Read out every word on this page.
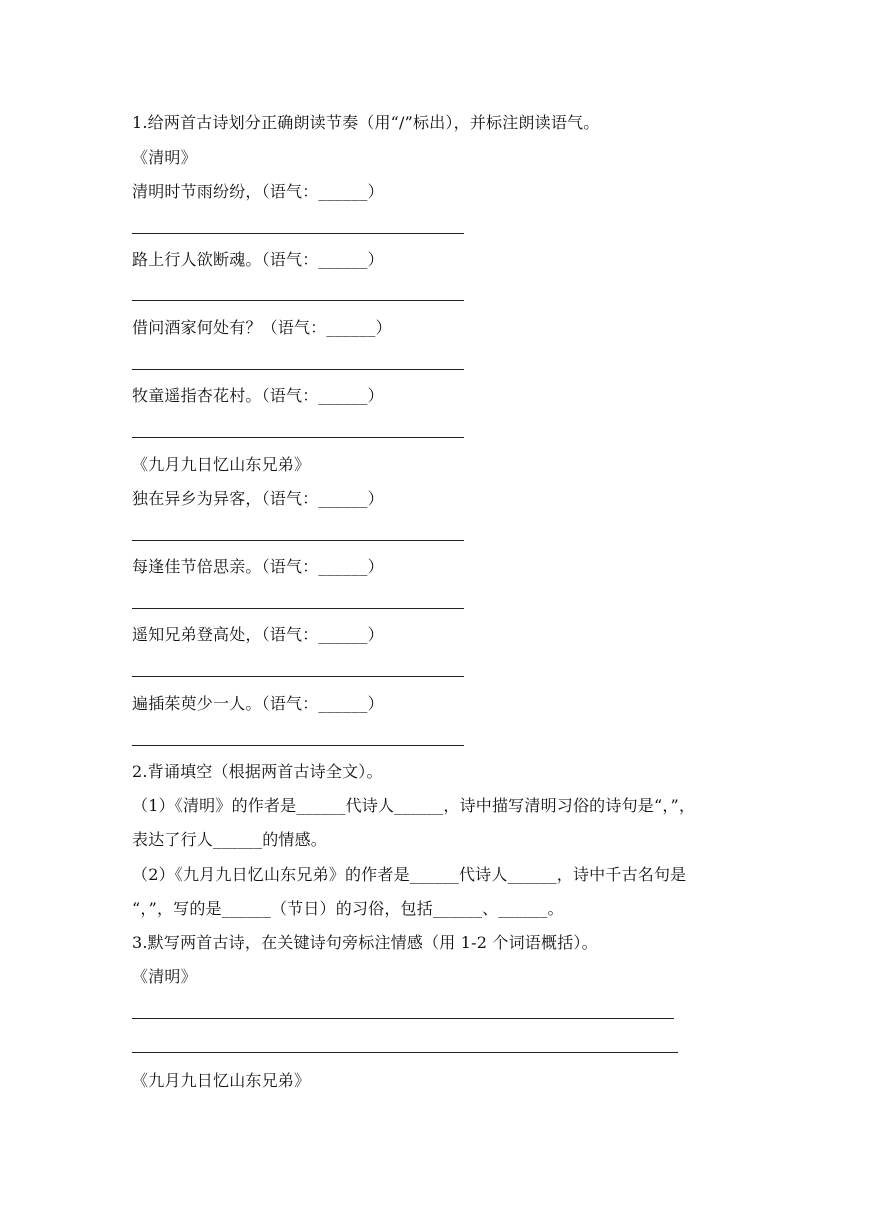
1.给两首古诗划分正确朗读节奏（用“/”标出），并标注朗读语气。
《清明》
清明时节雨纷纷，（语气：______）
路上行人欲断魂。（语气：______）
借问酒家何处有？（语气：______）
牧童遥指杏花村。（语气：______）
《九月九日忆山东兄弟》
独在异乡为异客，（语气：______）
每逢佳节倍思亲。（语气：______）
遥知兄弟登高处，（语气：______）
遍插茱萸少一人。（语气：______）
2.背诵填空（根据两首古诗全文）。
（1）《清明》的作者是______代诗人______，诗中描写清明习俗的诗句是“，”，
表达了行人______的情感。
（2）《九月九日忆山东兄弟》的作者是______代诗人______，诗中千古名句是
“，”，写的是______（节日）的习俗，包括______、______。
3.默写两首古诗，在关键诗句旁标注情感（用 1-2 个词语概括）。
《清明》
《九月九日忆山东兄弟》
